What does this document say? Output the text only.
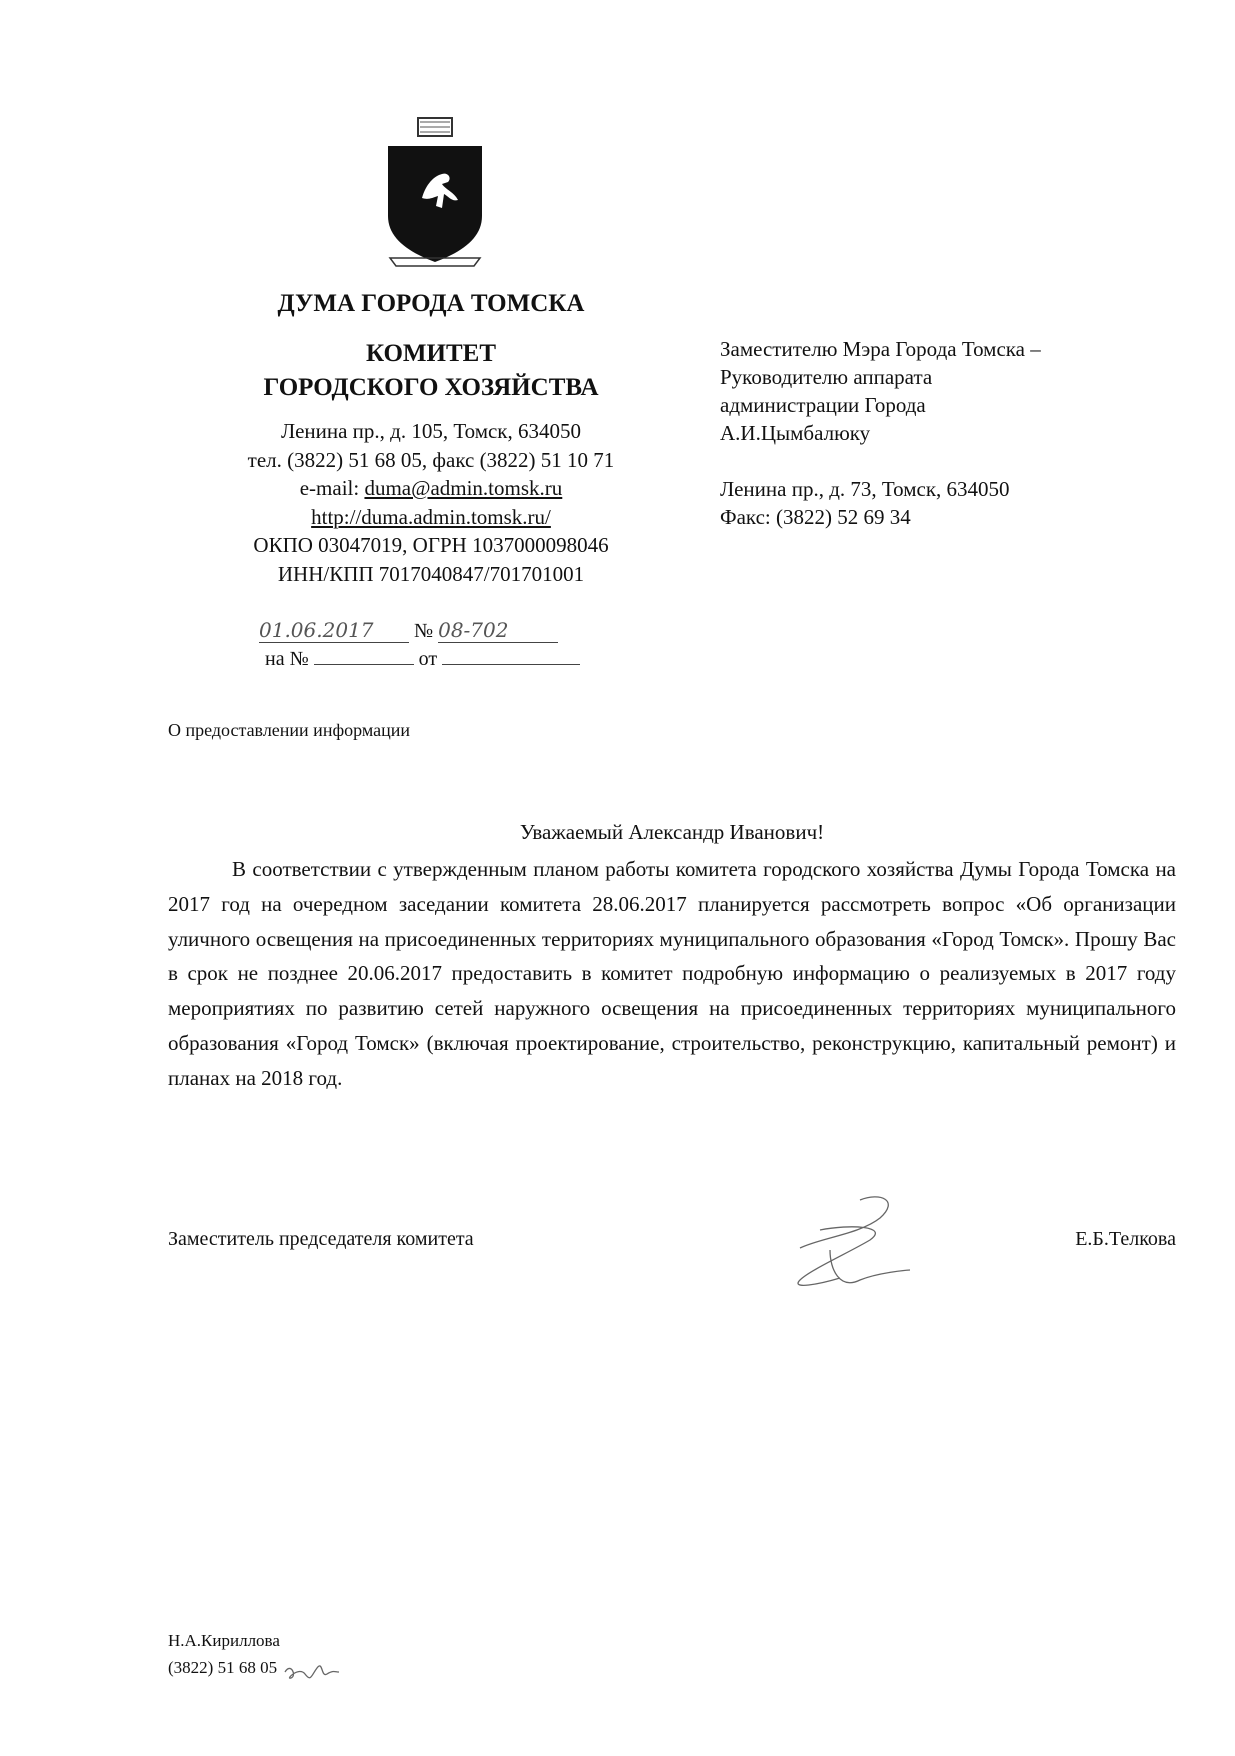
ДУМА ГОРОДА ТОМСКА
КОМИТЕТ
ГОРОДСКОГО ХОЗЯЙСТВА
Ленина пр., д. 105, Томск, 634050
тел. (3822) 51 68 05, факс (3822) 51 10 71
e-mail: duma@admin.tomsk.ru
http://duma.admin.tomsk.ru/
ОКПО 03047019, ОГРН 1037000098046
ИНН/КПП 7017040847/701701001
01.06.2017 № 08-702
на №	от
Заместителю Мэра Города Томска –
Руководителю аппарата
администрации Города
А.И.Цымбалюку
Ленина пр., д. 73, Томск, 634050
Факс: (3822) 52 69 34
О предоставлении информации
Уважаемый Александр Иванович!
В соответствии с утвержденным планом работы комитета городского хозяйства Думы Города Томска на 2017 год на очередном заседании комитета 28.06.2017 планируется рассмотреть вопрос «Об организации уличного освещения на присоединенных территориях муниципального образования «Город Томск». Прошу Вас в срок не позднее 20.06.2017 предоставить в комитет подробную информацию о реализуемых в 2017 году мероприятиях по развитию сетей наружного освещения на присоединенных территориях муниципального образования «Город Томск» (включая проектирование, строительство, реконструкцию, капитальный ремонт) и планах на 2018 год.
Заместитель председателя комитета	Е.Б.Телкова
Н.А.Кириллова
(3822) 51 68 05
